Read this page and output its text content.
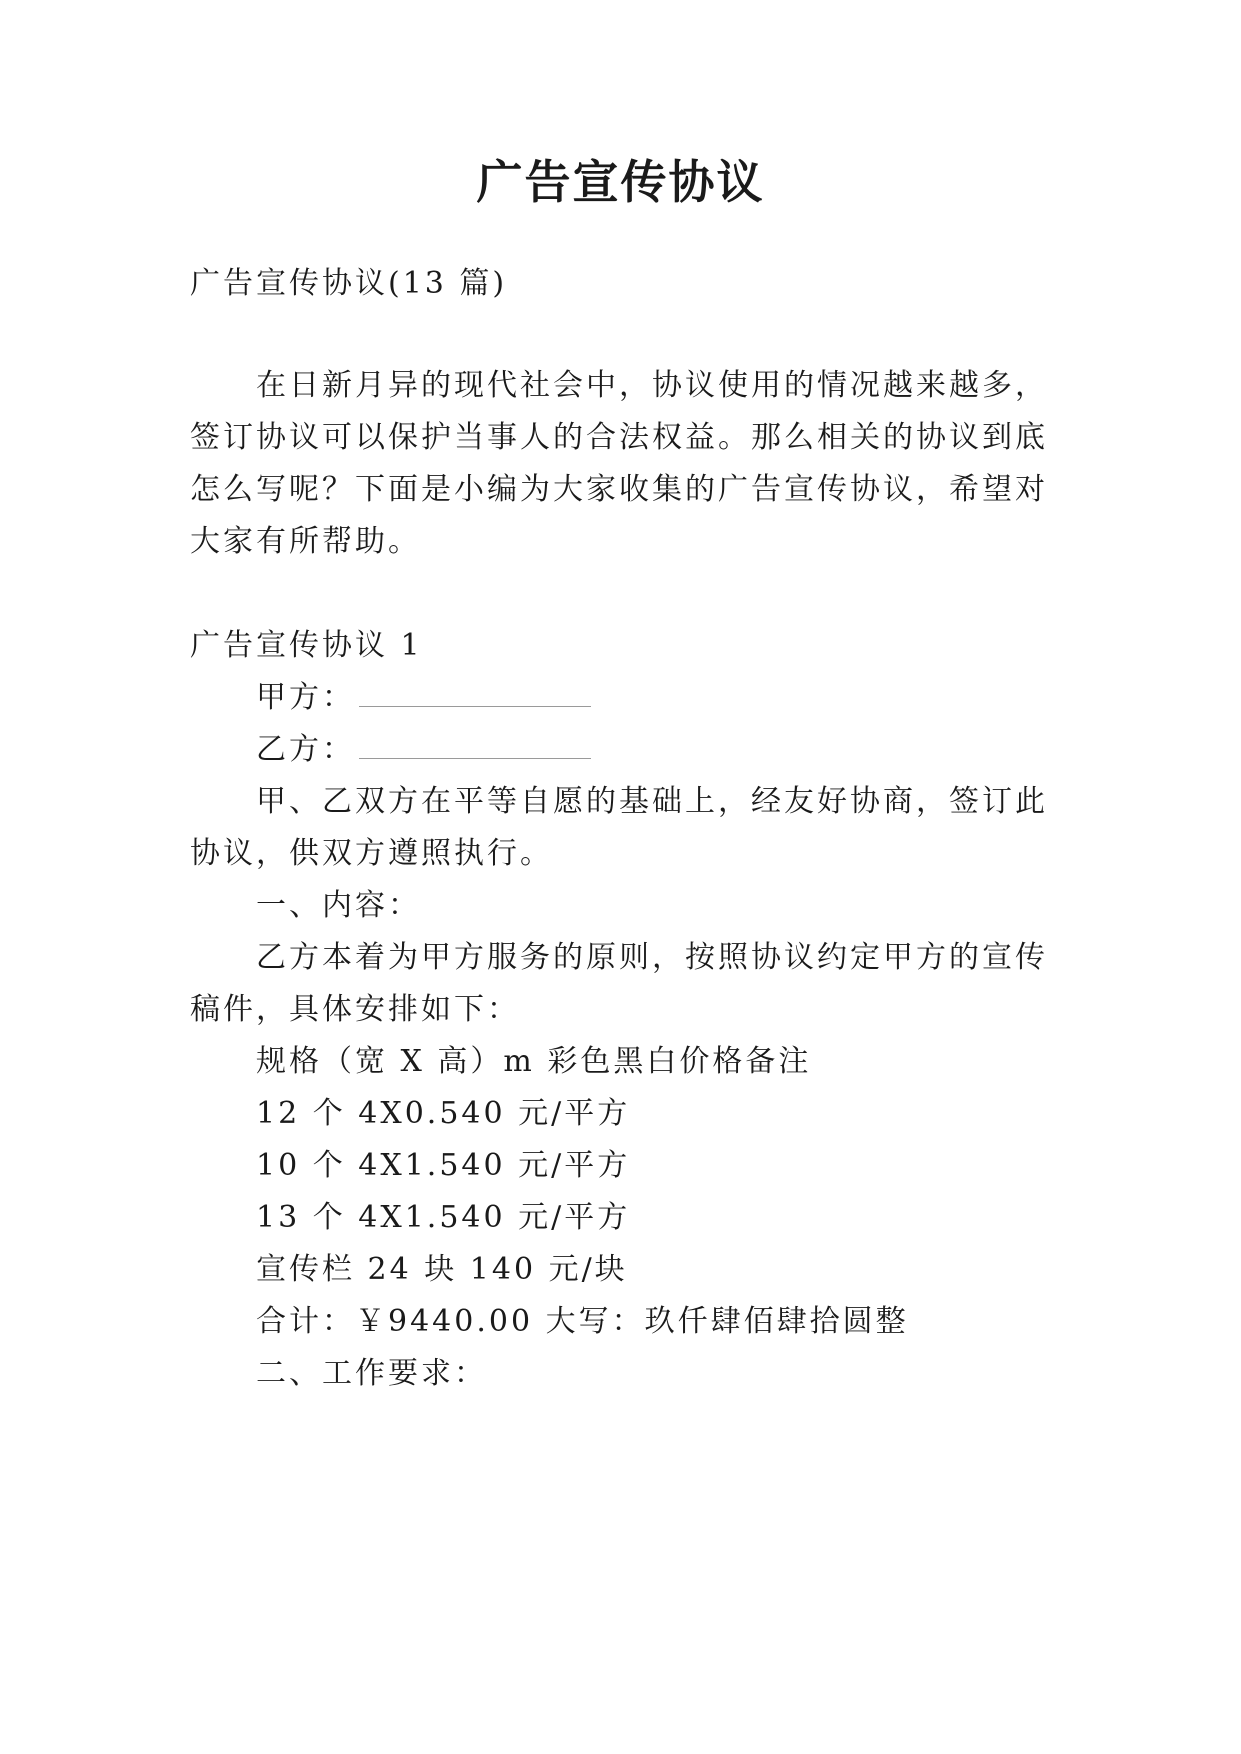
广告宣传协议
广告宣传协议(13 篇)
在日新月异的现代社会中，协议使用的情况越来越多，
签订协议可以保护当事人的合法权益。那么相关的协议到底
怎么写呢？下面是小编为大家收集的广告宣传协议，希望对
大家有所帮助。
广告宣传协议 1
甲方：
乙方：
甲、乙双方在平等自愿的基础上，经友好协商，签订此
协议，供双方遵照执行。
一、内容：
乙方本着为甲方服务的原则，按照协议约定甲方的宣传
稿件，具体安排如下：
规格（宽 X 高）m 彩色黑白价格备注
12 个 4X0.540 元/平方
10 个 4X1.540 元/平方
13 个 4X1.540 元/平方
宣传栏 24 块 140 元/块
合计：￥9440.00 大写：玖仟肆佰肆拾圆整
二、工作要求：
